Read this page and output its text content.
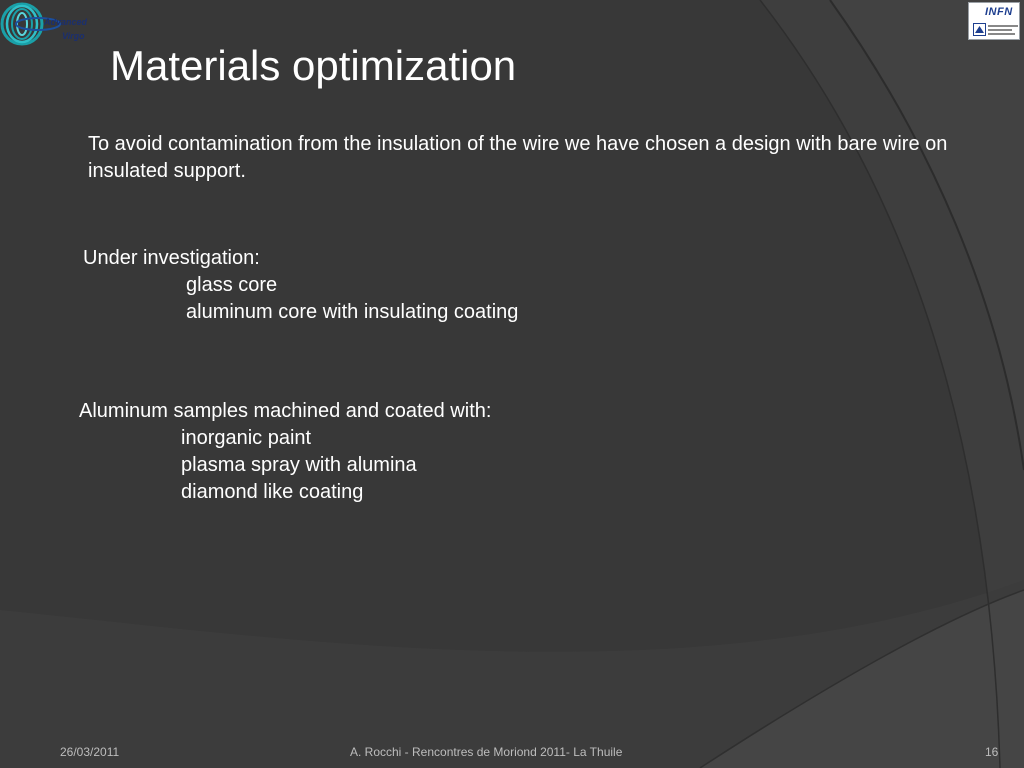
Advanced
Virgo
INFN
Materials optimization
To avoid contamination from the insulation of the wire we have chosen a design with bare wire on insulated support.
Under investigation:
glass core
aluminum core with insulating coating
Aluminum samples machined and coated with:
inorganic paint
plasma spray with alumina
diamond like coating
26/03/2011	A. Rocchi - Rencontres de Moriond 2011- La Thuile	16
